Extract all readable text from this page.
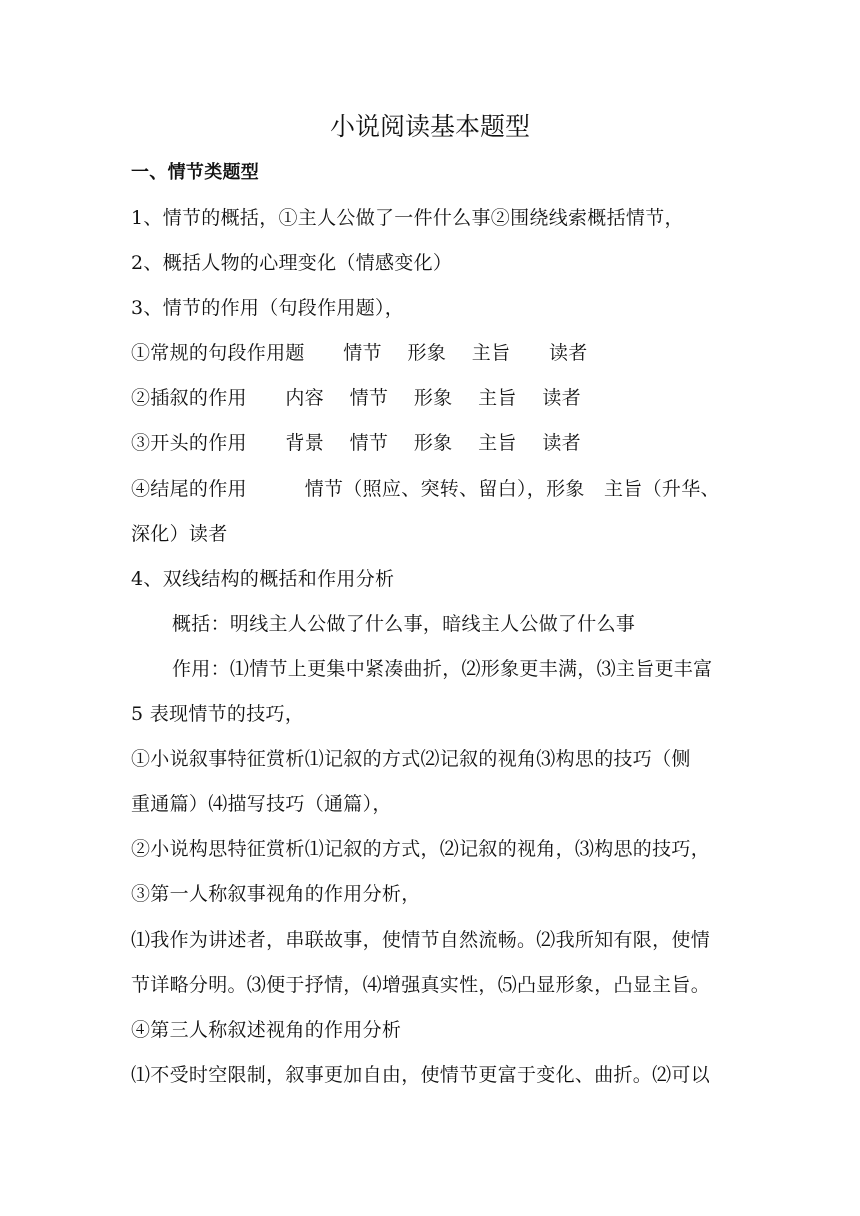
小说阅读基本题型
一、情节类题型
1、情节的概括，①主人公做了一件什么事②围绕线索概括情节，
2、概括人物的心理变化（情感变化）
3、情节的作用（句段作用题），
①常规的句段作用题　　情节　 形象　 主旨　　读者
②插叙的作用　　内容　 情节　 形象　 主旨　 读者
③开头的作用　　背景　 情节　 形象　 主旨　 读者
④结尾的作用　　　情节（照应、突转、留白），形象　主旨（升华、
深化）读者
4、双线结构的概括和作用分析
概括：明线主人公做了什么事，暗线主人公做了什么事
作用：⑴情节上更集中紧凑曲折，⑵形象更丰满，⑶主旨更丰富
5 表现情节的技巧，
①小说叙事特征赏析⑴记叙的方式⑵记叙的视角⑶构思的技巧（侧
重通篇）⑷描写技巧（通篇），
②小说构思特征赏析⑴记叙的方式，⑵记叙的视角，⑶构思的技巧，
③第一人称叙事视角的作用分析，
⑴我作为讲述者，串联故事，使情节自然流畅。⑵我所知有限，使情
节详略分明。⑶便于抒情，⑷增强真实性，⑸凸显形象，凸显主旨。
④第三人称叙述视角的作用分析
⑴不受时空限制，叙事更加自由，使情节更富于变化、曲折。⑵可以
